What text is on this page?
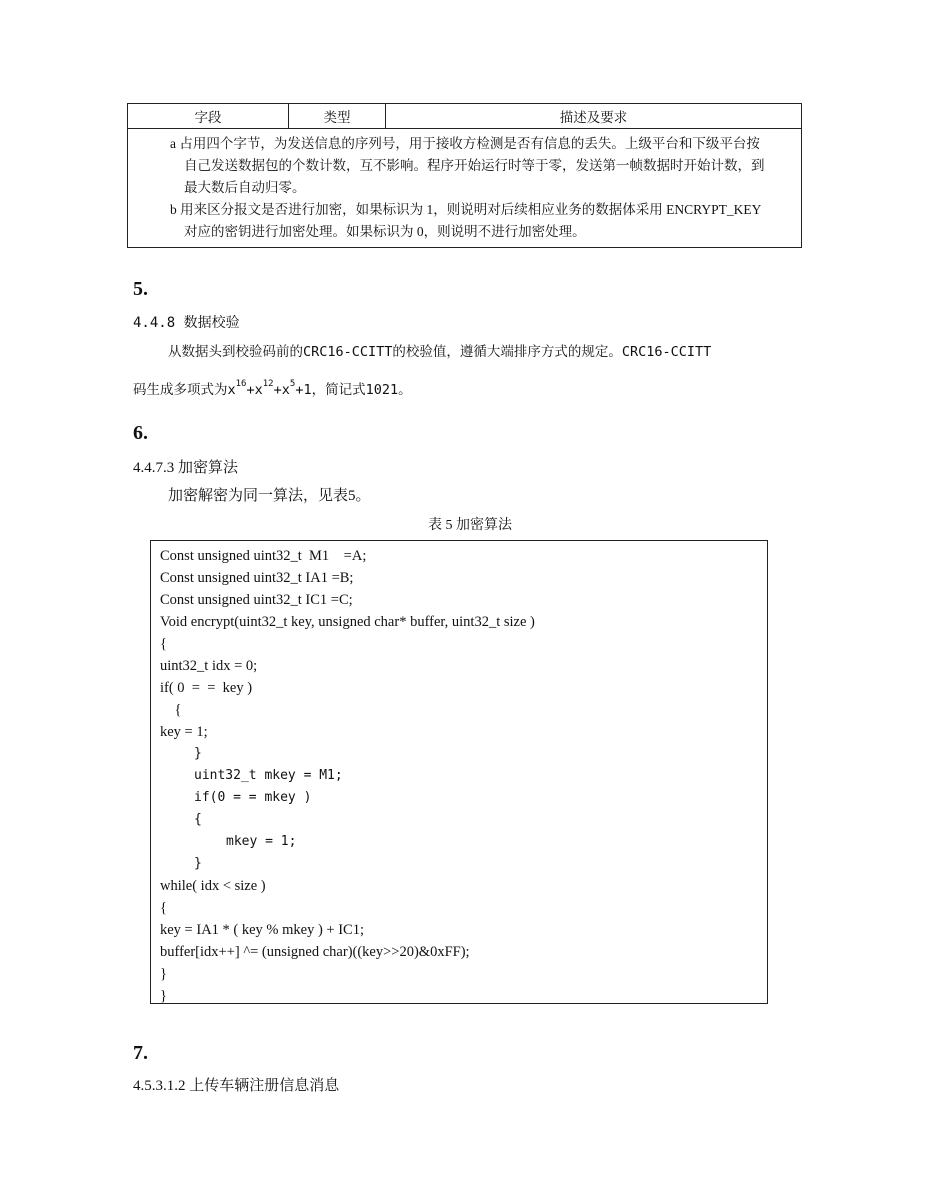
字段	类型	描述及要求

a 占用四个字节，为发送信息的序列号，用于接收方检测是否有信息的丢失。上级平台和下级平台按
自己发送数据包的个数计数，互不影响。程序开始运行时等于零，发送第一帧数据时开始计数，到
最大数后自动归零。
b 用来区分报文是否进行加密，如果标识为 1，则说明对后续相应业务的数据体采用 ENCRYPT_KEY
对应的密钥进行加密处理。如果标识为 0，则说明不进行加密处理。
5.
4.4.8 数据校验
从数据头到校验码前的CRC16-CCITT的校验值，遵循大端排序方式的规定。CRC16-CCITT
码生成多项式为$x^{16}+x^{12}+x^5+1$，简记式1021。
6.
4.4.7.3 加密算法
加密解密为同一算法，见表5。
表 5 加密算法
Const unsigned uint32_t  M1    =A;
Const unsigned uint32_t IA1 =B;
Const unsigned uint32_t IC1 =C;
Void encrypt(uint32_t key, unsigned char* buffer, uint32_t size )
{
uint32_t idx = 0;
if( 0  =  =  key )
{
key = 1;
}
uint32_t mkey = M1;
if(0 = = mkey )
{
mkey = 1;
}
while( idx < size )
{
key = IA1 * ( key % mkey ) + IC1;
buffer[idx++] ^= (unsigned char)((key>>20)&0xFF);
}
}
7.
4.5.3.1.2 上传车辆注册信息消息
